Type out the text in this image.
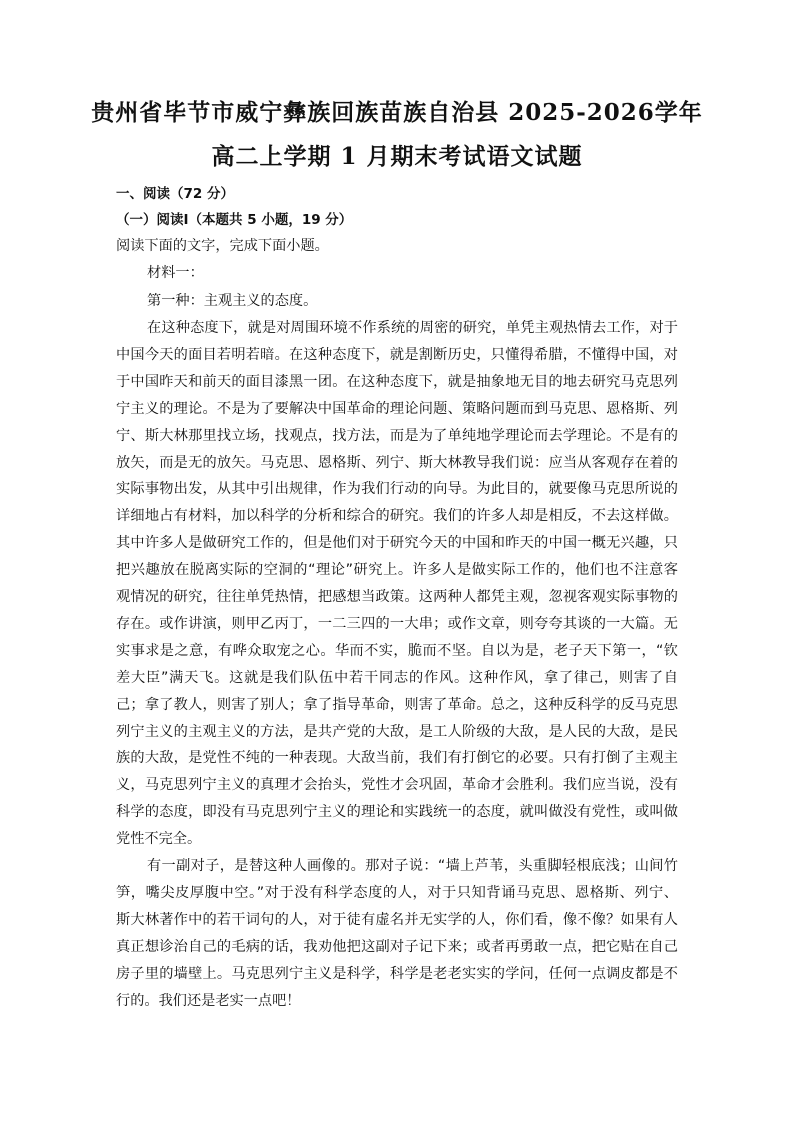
贵州省毕节市威宁彝族回族苗族自治县 2025-2026学年
高二上学期 1 月期末考试语文试题
一、阅读（72 分）
（一）阅读Ⅰ（本题共 5 小题，19 分）
阅读下面的文字，完成下面小题。
材料一：
第一种：主观主义的态度。
在这种态度下，就是对周围环境不作系统的周密的研究，单凭主观热情去工作，对于
中国今天的面目若明若暗。在这种态度下，就是割断历史，只懂得希腊，不懂得中国，对
于中国昨天和前天的面目漆黑一团。在这种态度下，就是抽象地无目的地去研究马克思列
宁主义的理论。不是为了要解决中国革命的理论问题、策略问题而到马克思、恩格斯、列
宁、斯大林那里找立场，找观点，找方法，而是为了单纯地学理论而去学理论。不是有的
放矢，而是无的放矢。马克思、恩格斯、列宁、斯大林教导我们说：应当从客观存在着的
实际事物出发，从其中引出规律，作为我们行动的向导。为此目的，就要像马克思所说的
详细地占有材料，加以科学的分析和综合的研究。我们的许多人却是相反，不去这样做。
其中许多人是做研究工作的，但是他们对于研究今天的中国和昨天的中国一概无兴趣，只
把兴趣放在脱离实际的空洞的“理论”研究上。许多人是做实际工作的，他们也不注意客
观情况的研究，往往单凭热情，把感想当政策。这两种人都凭主观，忽视客观实际事物的
存在。或作讲演，则甲乙丙丁，一二三四的一大串；或作文章，则夸夸其谈的一大篇。无
实事求是之意，有哗众取宠之心。华而不实，脆而不坚。自以为是，老子天下第一，“钦
差大臣”满天飞。这就是我们队伍中若干同志的作风。这种作风，拿了律己，则害了自
己；拿了教人，则害了别人；拿了指导革命，则害了革命。总之，这种反科学的反马克思
列宁主义的主观主义的方法，是共产党的大敌，是工人阶级的大敌，是人民的大敌，是民
族的大敌，是党性不纯的一种表现。大敌当前，我们有打倒它的必要。只有打倒了主观主
义，马克思列宁主义的真理才会抬头，党性才会巩固，革命才会胜利。我们应当说，没有
科学的态度，即没有马克思列宁主义的理论和实践统一的态度，就叫做没有党性，或叫做
党性不完全。
有一副对子，是替这种人画像的。那对子说：“墙上芦苇，头重脚轻根底浅；山间竹
笋，嘴尖皮厚腹中空。”对于没有科学态度的人，对于只知背诵马克思、恩格斯、列宁、
斯大林著作中的若干词句的人，对于徒有虚名并无实学的人，你们看，像不像？如果有人
真正想诊治自己的毛病的话，我劝他把这副对子记下来；或者再勇敢一点，把它贴在自己
房子里的墙壁上。马克思列宁主义是科学，科学是老老实实的学问，任何一点调皮都是不
行的。我们还是老实一点吧！
